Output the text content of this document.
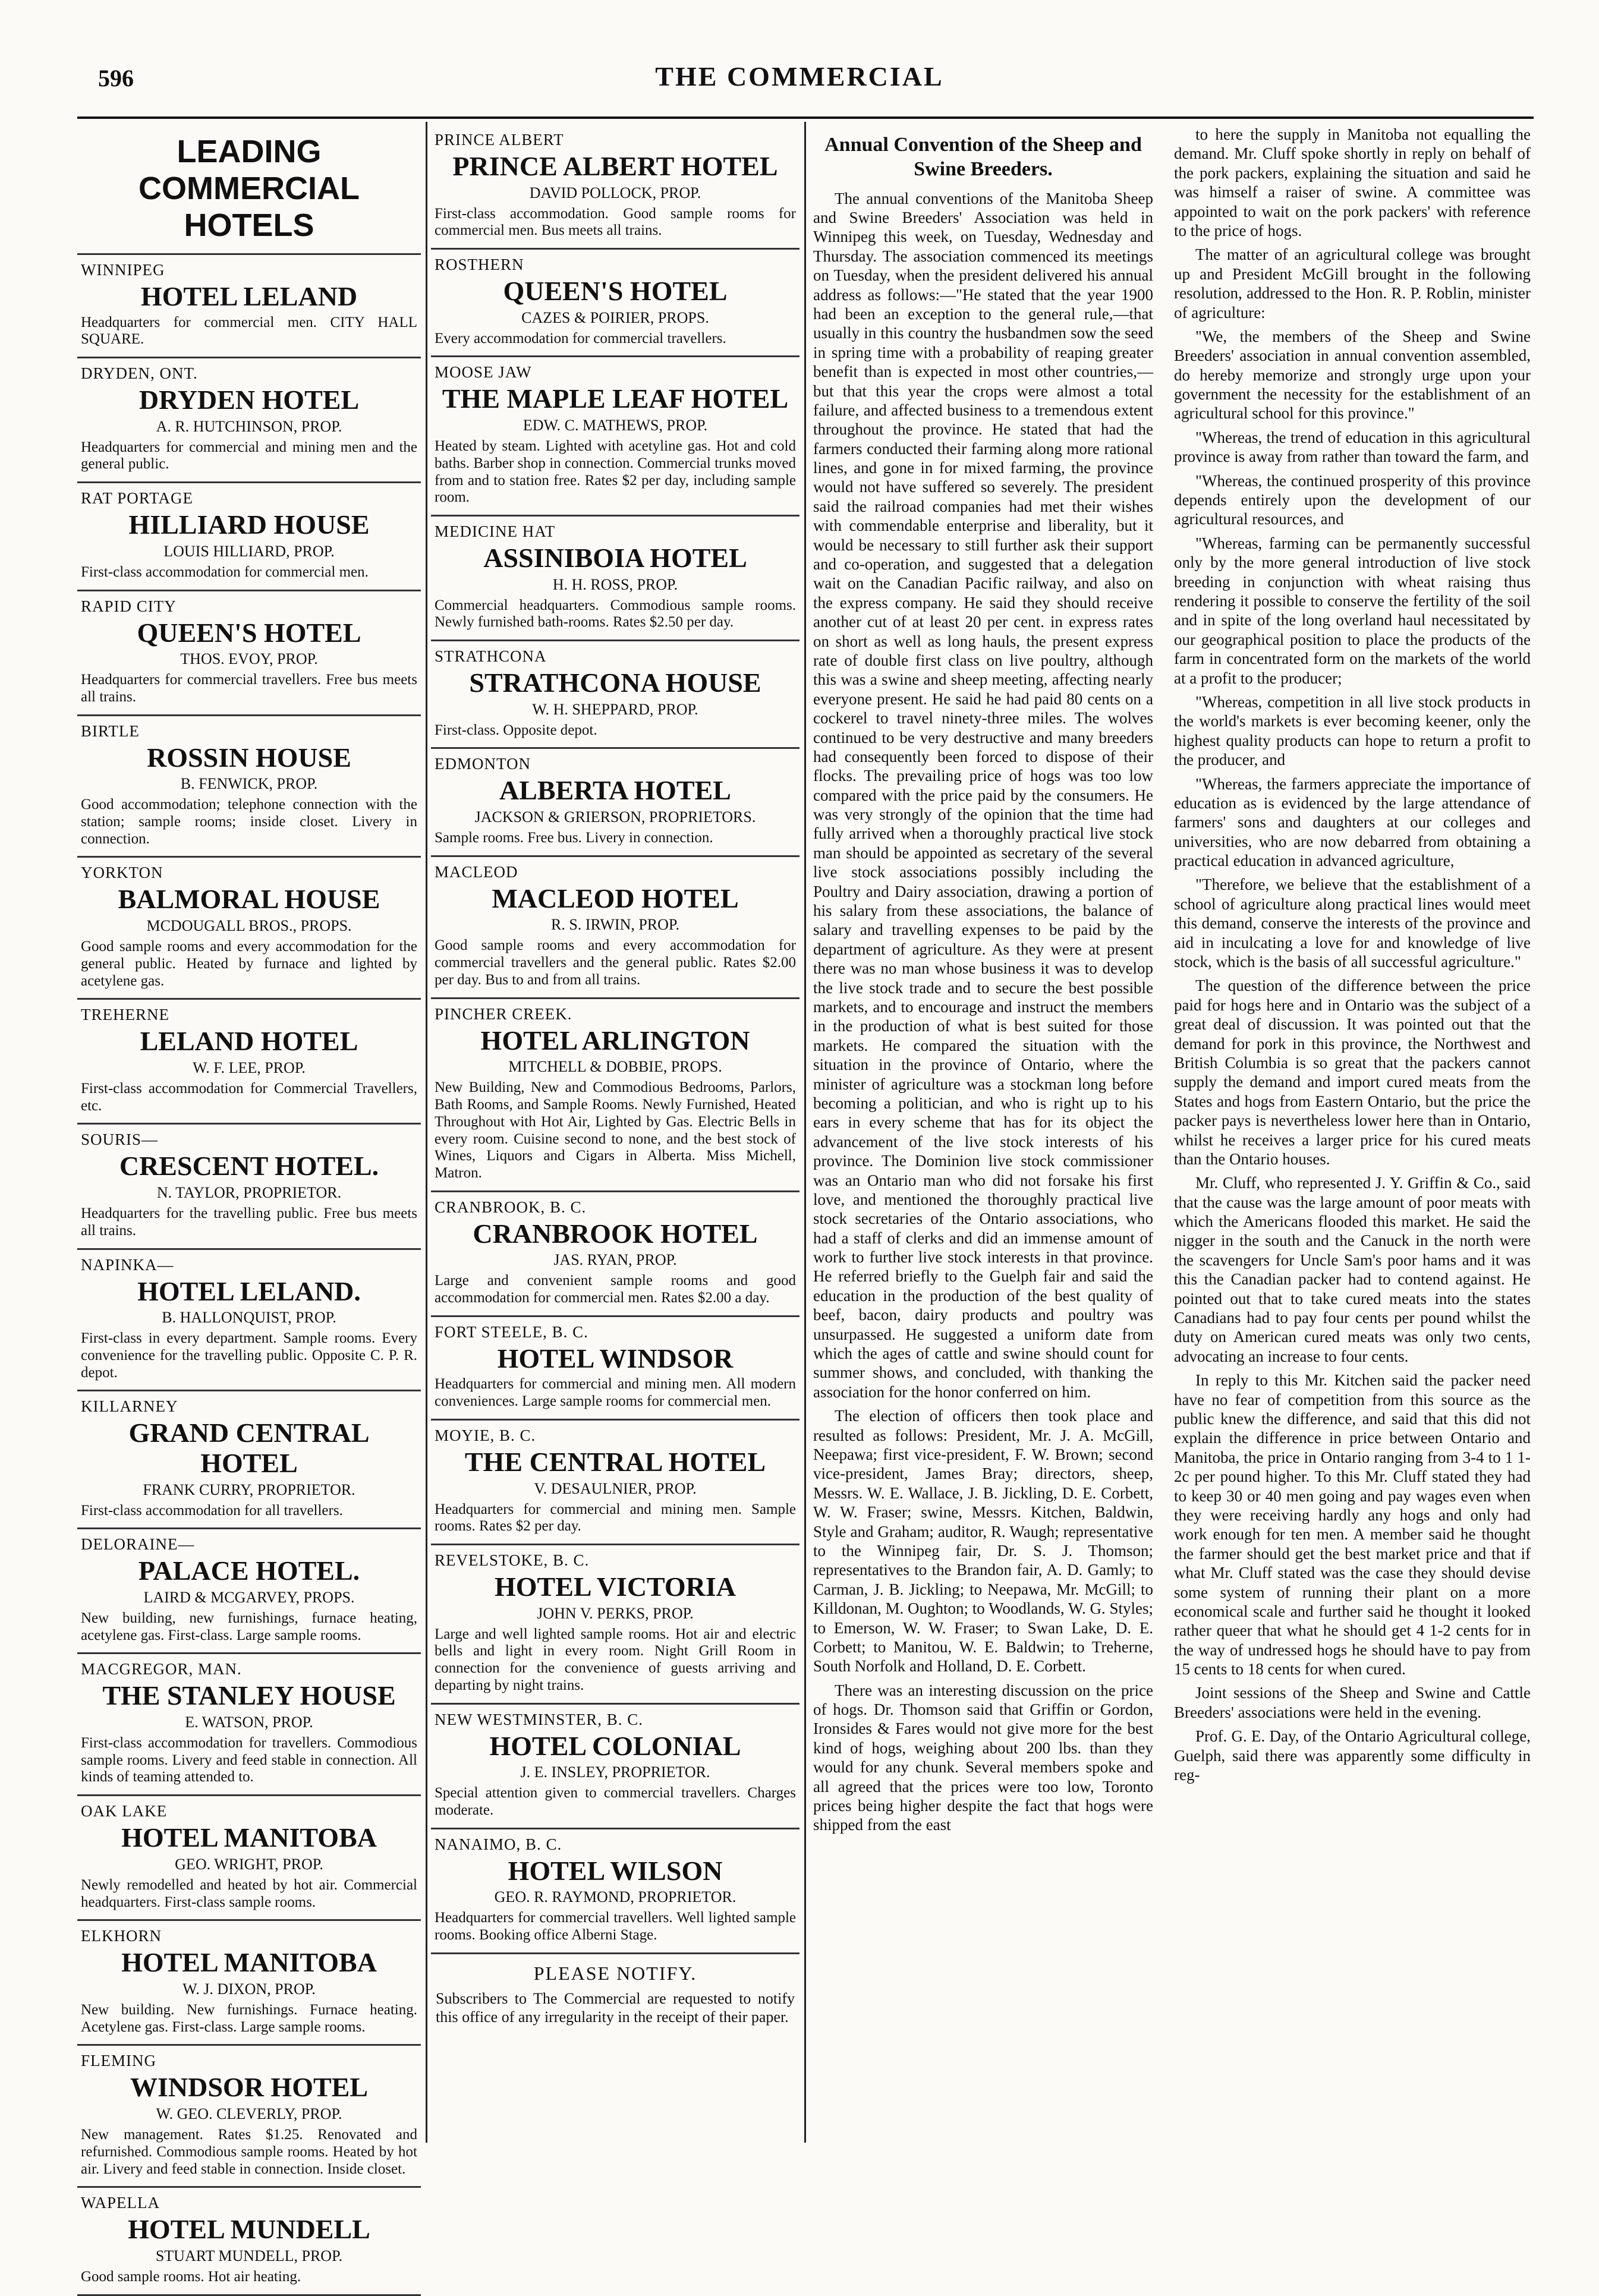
596	THE COMMERCIAL
LEADING COMMERCIAL HOTELS
WINNIPEG
HOTEL LELAND
Headquarters for commercial men. CITY HALL SQUARE.
DRYDEN, ONT.
DRYDEN HOTEL
A. R. HUTCHINSON, PROP.
Headquarters for commercial and mining men and the general public.
RAT PORTAGE
HILLIARD HOUSE
LOUIS HILLIARD, PROP.
First-class accommodation for commercial men.
RAPID CITY
QUEEN'S HOTEL
THOS. EVOY, PROP.
Headquarters for commercial travellers. Free bus meets all trains.
BIRTLE
ROSSIN HOUSE
B. FENWICK, PROP.
Good accommodation; telephone connection with the station; sample rooms; inside closet. Livery in connection.
YORKTON
BALMORAL HOUSE
MCDOUGALL BROS., PROPS.
Good sample rooms and every accommodation for the general public. Heated by furnace and lighted by acetylene gas.
TREHERNE
LELAND HOTEL
W. F. LEE, PROP.
First-class accommodation for Commercial Travellers, etc.
SOURIS—
CRESCENT HOTEL.
N. TAYLOR, PROPRIETOR.
Headquarters for the travelling public. Free bus meets all trains.
NAPINKA—
HOTEL LELAND.
B. HALLONQUIST, PROP.
First-class in every department. Sample rooms. Every convenience for the travelling public. Opposite C. P. R. depot.
KILLARNEY
GRAND CENTRAL HOTEL
FRANK CURRY, PROPRIETOR.
First-class accommodation for all travellers.
DELORAINE—
PALACE HOTEL.
LAIRD & MCGARVEY, PROPS.
New building, new furnishings, furnace heating, acetylene gas. First-class. Large sample rooms.
MACGREGOR, MAN.
THE STANLEY HOUSE
E. WATSON, PROP.
First-class accommodation for travellers. Commodious sample rooms. Livery and feed stable in connection. All kinds of teaming attended to.
OAK LAKE
HOTEL MANITOBA
GEO. WRIGHT, PROP.
Newly remodelled and heated by hot air. Commercial headquarters. First-class sample rooms.
ELKHORN
HOTEL MANITOBA
W. J. DIXON, PROP.
New building. New furnishings. Furnace heating. Acetylene gas. First-class. Large sample rooms.
FLEMING
WINDSOR HOTEL
W. GEO. CLEVERLY, PROP.
New management. Rates $1.25. Renovated and refurnished. Commodious sample rooms. Heated by hot air. Livery and feed stable in connection. Inside closet.
WAPELLA
HOTEL MUNDELL
STUART MUNDELL, PROP.
Good sample rooms. Hot air heating.
PRINCE ALBERT
PRINCE ALBERT HOTEL
DAVID POLLOCK, PROP.
First-class accommodation. Good sample rooms for commercial men. Bus meets all trains.
ROSTHERN
QUEEN'S HOTEL
CAZES & POIRIER, PROPS.
Every accommodation for commercial travellers.
MOOSE JAW
THE MAPLE LEAF HOTEL
EDW. C. MATHEWS, PROP.
Heated by steam. Lighted with acetyline gas. Hot and cold baths. Barber shop in connection. Commercial trunks moved from and to station free. Rates $2 per day, including sample room.
MEDICINE HAT
ASSINIBOIA HOTEL
H. H. ROSS, PROP.
Commercial headquarters. Commodious sample rooms. Newly furnished bath-rooms. Rates $2.50 per day.
STRATHCONA
STRATHCONA HOUSE
W. H. SHEPPARD, PROP.
First-class. Opposite depot.
EDMONTON
ALBERTA HOTEL
JACKSON & GRIERSON, PROPRIETORS.
Sample rooms. Free bus. Livery in connection.
MACLEOD
MACLEOD HOTEL
R. S. IRWIN, PROP.
Good sample rooms and every accommodation for commercial travellers and the general public. Rates $2.00 per day. Bus to and from all trains.
PINCHER CREEK.
HOTEL ARLINGTON
MITCHELL & DOBBIE, PROPS.
New Building, New and Commodious Bedrooms, Parlors, Bath Rooms, and Sample Rooms. Newly Furnished, Heated Throughout with Hot Air, Lighted by Gas. Electric Bells in every room. Cuisine second to none, and the best stock of Wines, Liquors and Cigars in Alberta. Miss Michell, Matron.
CRANBROOK, B. C.
CRANBROOK HOTEL
JAS. RYAN, PROP.
Large and convenient sample rooms and good accommodation for commercial men. Rates $2.00 a day.
FORT STEELE, B. C.
HOTEL WINDSOR
Headquarters for commercial and mining men. All modern conveniences. Large sample rooms for commercial men.
MOYIE, B. C.
THE CENTRAL HOTEL
V. DESAULNIER, PROP.
Headquarters for commercial and mining men. Sample rooms. Rates $2 per day.
REVELSTOKE, B. C.
HOTEL VICTORIA
JOHN V. PERKS, PROP.
Large and well lighted sample rooms. Hot air and electric bells and light in every room. Night Grill Room in connection for the convenience of guests arriving and departing by night trains.
NEW WESTMINSTER, B. C.
HOTEL COLONIAL
J. E. INSLEY, PROPRIETOR.
Special attention given to commercial travellers. Charges moderate.
NANAIMO, B. C.
HOTEL WILSON
GEO. R. RAYMOND, PROPRIETOR.
Headquarters for commercial travellers. Well lighted sample rooms. Booking office Alberni Stage.
PLEASE NOTIFY.
Subscribers to The Commercial are requested to notify this office of any irregularity in the receipt of their paper.
Annual Convention of the Sheep and Swine Breeders.

The annual conventions of the Manitoba Sheep and Swine Breeders' Association was held in Winnipeg this week, on Tuesday, Wednesday and Thursday. The association commenced its meetings on Tuesday, when the president delivered his annual address as follows:—"He stated that the year 1900 had been an exception to the general rule,—that usually in this country the husbandmen sow the seed in spring time with a probability of reaping greater benefit than is expected in most other countries,—but that this year the crops were almost a total failure, and affected business to a tremendous extent throughout the province. He stated that had the farmers conducted their farming along more rational lines, and gone in for mixed farming, the province would not have suffered so severely. The president said the railroad companies had met their wishes with commendable enterprise and liberality, but it would be necessary to still further ask their support and co-operation, and suggested that a delegation wait on the Canadian Pacific railway, and also on the express company. He said they should receive another cut of at least 20 per cent. in express rates on short as well as long hauls, the present express rate of double first class on live poultry, although this was a swine and sheep meeting, affecting nearly everyone present. He said he had paid 80 cents on a cockerel to travel ninety-three miles. The wolves continued to be very destructive and many breeders had consequently been forced to dispose of their flocks. The prevailing price of hogs was too low compared with the price paid by the consumers. He was very strongly of the opinion that the time had fully arrived when a thoroughly practical live stock man should be appointed as secretary of the several live stock associations possibly including the Poultry and Dairy association, drawing a portion of his salary from these associations, the balance of salary and travelling expenses to be paid by the department of agriculture. As they were at present there was no man whose business it was to develop the live stock trade and to secure the best possible markets, and to encourage and instruct the members in the production of what is best suited for those markets. He compared the situation with the situation in the province of Ontario, where the minister of agriculture was a stockman long before becoming a politician, and who is right up to his ears in every scheme that has for its object the advancement of the live stock interests of his province. The Dominion live stock commissioner was an Ontario man who did not forsake his first love, and mentioned the thoroughly practical live stock secretaries of the Ontario associations, who had a staff of clerks and did an immense amount of work to further live stock interests in that province. He referred briefly to the Guelph fair and said the education in the production of the best quality of beef, bacon, dairy products and poultry was unsurpassed. He suggested a uniform date from which the ages of cattle and swine should count for summer shows, and concluded, with thanking the association for the honor conferred on him.

The election of officers then took place and resulted as follows: President, Mr. J. A. McGill, Neepawa; first vice-president, F. W. Brown; second vice-president, James Bray; directors, sheep, Messrs. W. E. Wallace, J. B. Jickling, D. E. Corbett, W. W. Fraser; swine, Messrs. Kitchen, Baldwin, Style and Graham; auditor, R. Waugh; representative to the Winnipeg fair, Dr. S. J. Thomson; representatives to the Brandon fair, A. D. Gamly; to Carman, J. B. Jickling; to Neepawa, Mr. McGill; to Killdonan, M. Oughton; to Woodlands, W. G. Styles; to Emerson, W. W. Fraser; to Swan Lake, D. E. Corbett; to Manitou, W. E. Baldwin; to Treherne, South Norfolk and Holland, D. E. Corbett.

There was an interesting discussion on the price of hogs. Dr. Thomson said that Griffin or Gordon, Ironsides & Fares would not give more for the best kind of hogs, weighing about 200 lbs. than they would for any chunk. Several members spoke and all agreed that the prices were too low, Toronto prices being higher despite the fact that hogs were shipped from the east

to here the supply in Manitoba not equalling the demand. Mr. Cluff spoke shortly in reply on behalf of the pork packers, explaining the situation and said he was himself a raiser of swine. A committee was appointed to wait on the pork packers' with reference to the price of hogs.

The matter of an agricultural college was brought up and President McGill brought in the following resolution, addressed to the Hon. R. P. Roblin, minister of agriculture:

"We, the members of the Sheep and Swine Breeders' association in annual convention assembled, do hereby memorize and strongly urge upon your government the necessity for the establishment of an agricultural school for this province."

"Whereas, the trend of education in this agricultural province is away from rather than toward the farm, and

"Whereas, the continued prosperity of this province depends entirely upon the development of our agricultural resources, and

"Whereas, farming can be permanently successful only by the more general introduction of live stock breeding in conjunction with wheat raising thus rendering it possible to conserve the fertility of the soil and in spite of the long overland haul necessitated by our geographical position to place the products of the farm in concentrated form on the markets of the world at a profit to the producer;

"Whereas, competition in all live stock products in the world's markets is ever becoming keener, only the highest quality products can hope to return a profit to the producer, and

"Whereas, the farmers appreciate the importance of education as is evidenced by the large attendance of farmers' sons and daughters at our colleges and universities, who are now debarred from obtaining a practical education in advanced agriculture,

"Therefore, we believe that the establishment of a school of agriculture along practical lines would meet this demand, conserve the interests of the province and aid in inculcating a love for and knowledge of live stock, which is the basis of all successful agriculture."

The question of the difference between the price paid for hogs here and in Ontario was the subject of a great deal of discussion. It was pointed out that the demand for pork in this province, the Northwest and British Columbia is so great that the packers cannot supply the demand and import cured meats from the States and hogs from Eastern Ontario, but the price the packer pays is nevertheless lower here than in Ontario, whilst he receives a larger price for his cured meats than the Ontario houses.

Mr. Cluff, who represented J. Y. Griffin & Co., said that the cause was the large amount of poor meats with which the Americans flooded this market. He said the nigger in the south and the Canuck in the north were the scavengers for Uncle Sam's poor hams and it was this the Canadian packer had to contend against. He pointed out that to take cured meats into the states Canadians had to pay four cents per pound whilst the duty on American cured meats was only two cents, advocating an increase to four cents.

In reply to this Mr. Kitchen said the packer need have no fear of competition from this source as the public knew the difference, and said that this did not explain the difference in price between Ontario and Manitoba, the price in Ontario ranging from 3-4 to 1 1-2c per pound higher. To this Mr. Cluff stated they had to keep 30 or 40 men going and pay wages even when they were receiving hardly any hogs and only had work enough for ten men. A member said he thought the farmer should get the best market price and that if what Mr. Cluff stated was the case they should devise some system of running their plant on a more economical scale and further said he thought it looked rather queer that what he should get 4 1-2 cents for in the way of undressed hogs he should have to pay from 15 cents to 18 cents for when cured.

Joint sessions of the Sheep and Swine and Cattle Breeders' associations were held in the evening.

Prof. G. E. Day, of the Ontario Agricultural college, Guelph, said there was apparently some difficulty in reg-
